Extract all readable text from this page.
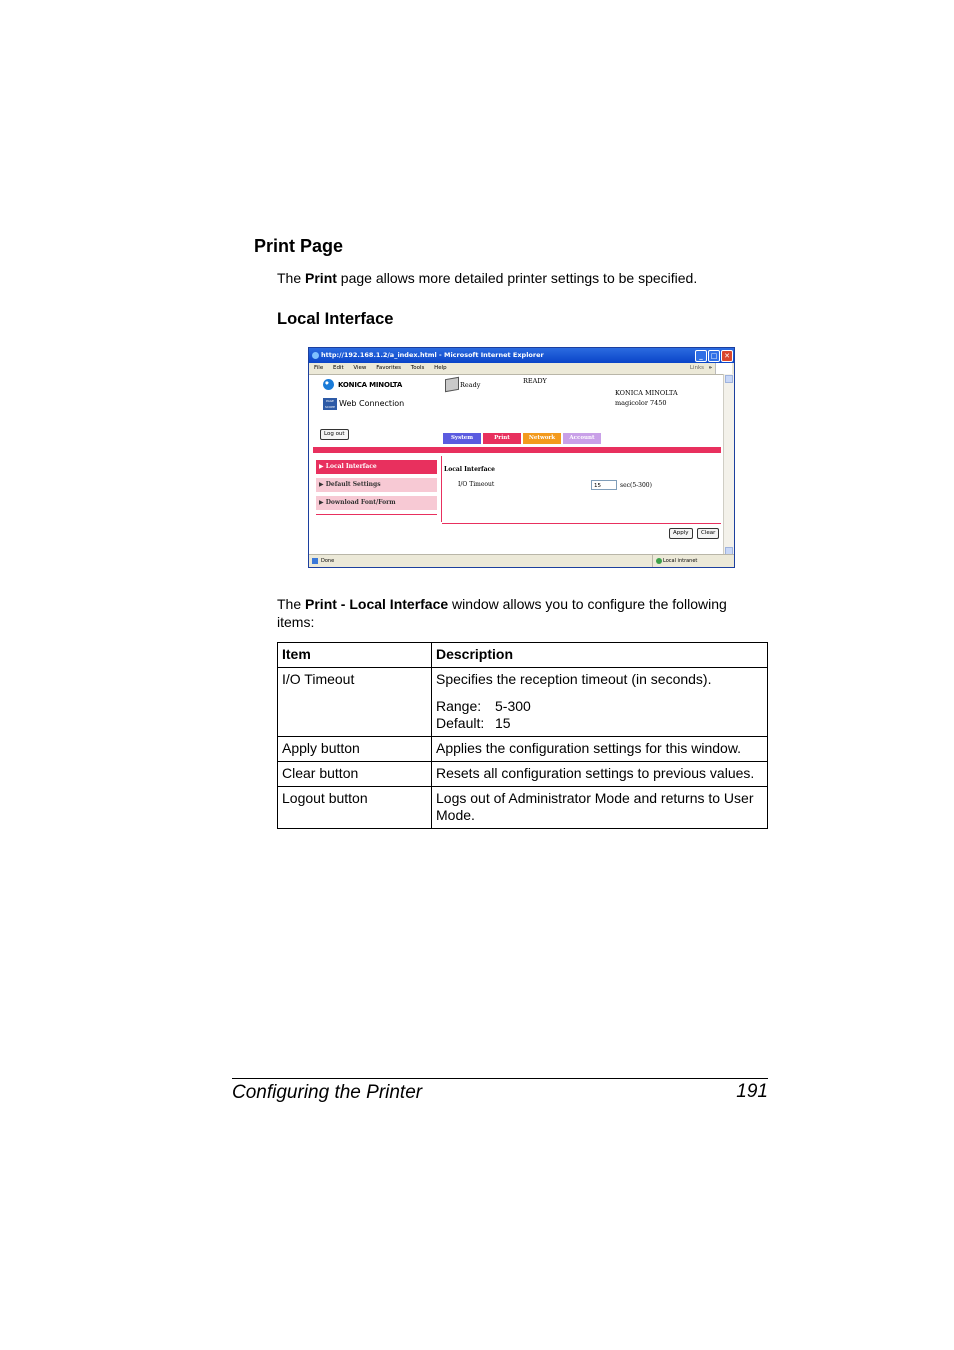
Print Page

The Print page allows more detailed printer settings to be specified.

Local Interface
http://192.168.1.2/a_index.html - Microsoft Internet Explorer	_	□ ✕
File Edit View Favorites Tools Help	Links »
KONICA MINOLTA
PAGE SCOPE Web Connection
Ready	READY
KONICA MINOLTA
magicolor 7450
Log out
System	Print	Network	Account
▶ Local Interface
▶ Default Settings
▶ Download Font/Form
Local Interface
I/O Timeout	15	sec(5-300)
Apply	Clear
Done	Local intranet

The Print - Local Interface window allows you to configure the following items:

Item	Description
I/O Timeout	Specifies the reception timeout (in seconds).
Range: 5-300
Default: 15

Apply button	Applies the configuration settings for this window.
Clear button	Resets all configuration settings to previous values.
Logout button	Logs out of Administrator Mode and returns to User Mode.
Configuring the Printer	191
